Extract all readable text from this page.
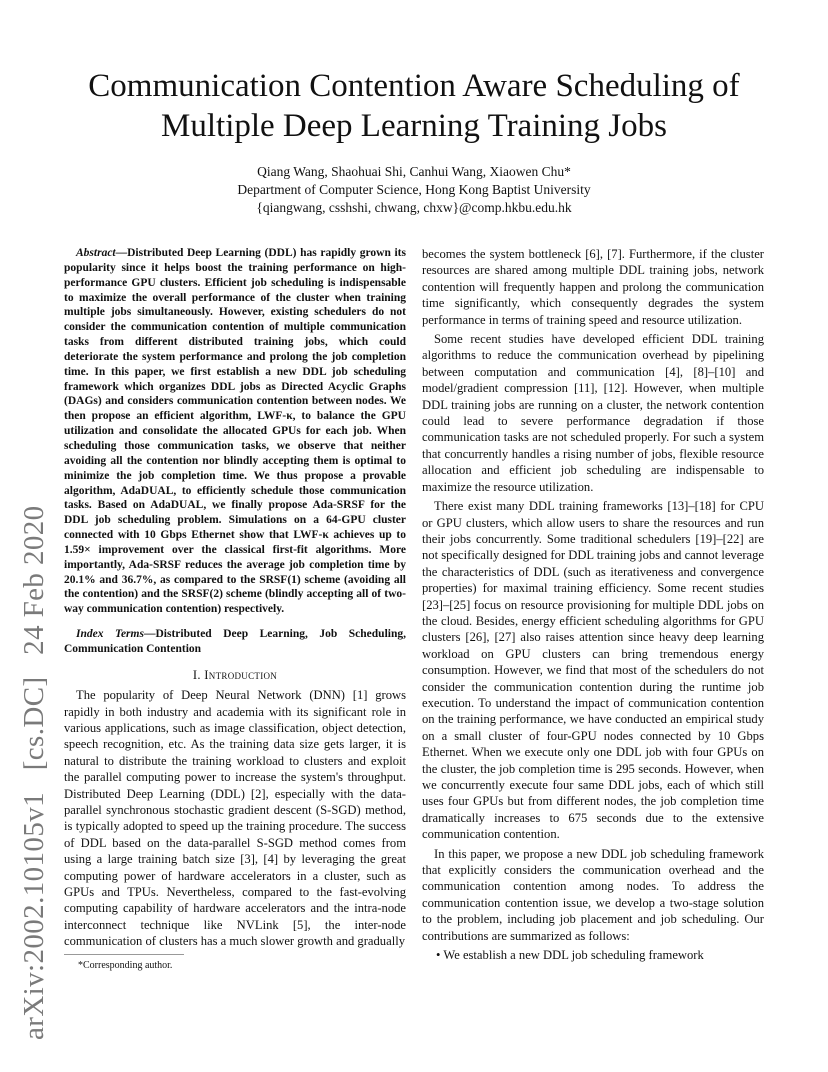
arXiv:2002.10105v1 [cs.DC] 24 Feb 2020
Communication Contention Aware Scheduling of
Multiple Deep Learning Training Jobs
Qiang Wang, Shaohuai Shi, Canhui Wang, Xiaowen Chu*
Department of Computer Science, Hong Kong Baptist University
{qiangwang, csshshi, chwang, chxw}@comp.hkbu.edu.hk

Abstract—Distributed Deep Learning (DDL) has rapidly grown its popularity since it helps boost the training performance on high-performance GPU clusters. Efficient job scheduling is indispensable to maximize the overall performance of the cluster when training multiple jobs simultaneously. However, existing schedulers do not consider the communication contention of multiple communication tasks from different distributed training jobs, which could deteriorate the system performance and prolong the job completion time. In this paper, we first establish a new DDL job scheduling framework which organizes DDL jobs as Directed Acyclic Graphs (DAGs) and considers communication contention between nodes. We then propose an efficient algorithm, LWF-κ, to balance the GPU utilization and consolidate the allocated GPUs for each job. When scheduling those communication tasks, we observe that neither avoiding all the contention nor blindly accepting them is optimal to minimize the job completion time. We thus propose a provable algorithm, AdaDUAL, to efficiently schedule those communication tasks. Based on AdaDUAL, we finally propose Ada-SRSF for the DDL job scheduling problem. Simulations on a 64-GPU cluster connected with 10 Gbps Ethernet show that LWF-κ achieves up to 1.59× improvement over the classical first-fit algorithms. More importantly, Ada-SRSF reduces the average job completion time by 20.1% and 36.7%, as compared to the SRSF(1) scheme (avoiding all the contention) and the SRSF(2) scheme (blindly accepting all of two-way communication contention) respectively.

Index Terms—Distributed Deep Learning, Job Scheduling, Communication Contention

I. Introduction

The popularity of Deep Neural Network (DNN) [1] grows rapidly in both industry and academia with its significant role in various applications, such as image classification, object detection, speech recognition, etc. As the training data size gets larger, it is natural to distribute the training workload to clusters and exploit the parallel computing power to increase the system's throughput. Distributed Deep Learning (DDL) [2], especially with the data-parallel synchronous stochastic gradient descent (S-SGD) method, is typically adopted to speed up the training procedure. The success of DDL based on the data-parallel S-SGD method comes from using a large training batch size [3], [4] by leveraging the great computing power of hardware accelerators in a cluster, such as GPUs and TPUs. Nevertheless, compared to the fast-evolving computing capability of hardware accelerators and the intra-node interconnect technique like NVLink [5], the inter-node communication of clusters has a much slower growth and gradually

*Corresponding author.

becomes the system bottleneck [6], [7]. Furthermore, if the cluster resources are shared among multiple DDL training jobs, network contention will frequently happen and prolong the communication time significantly, which consequently degrades the system performance in terms of training speed and resource utilization.

Some recent studies have developed efficient DDL training algorithms to reduce the communication overhead by pipelining between computation and communication [4], [8]–[10] and model/gradient compression [11], [12]. However, when multiple DDL training jobs are running on a cluster, the network contention could lead to severe performance degradation if those communication tasks are not scheduled properly. For such a system that concurrently handles a rising number of jobs, flexible resource allocation and efficient job scheduling are indispensable to maximize the resource utilization.

There exist many DDL training frameworks [13]–[18] for CPU or GPU clusters, which allow users to share the resources and run their jobs concurrently. Some traditional schedulers [19]–[22] are not specifically designed for DDL training jobs and cannot leverage the characteristics of DDL (such as iterativeness and convergence properties) for maximal training efficiency. Some recent studies [23]–[25] focus on resource provisioning for multiple DDL jobs on the cloud. Besides, energy efficient scheduling algorithms for GPU clusters [26], [27] also raises attention since heavy deep learning workload on GPU clusters can bring tremendous energy consumption. However, we find that most of the schedulers do not consider the communication contention during the runtime job execution. To understand the impact of communication contention on the training performance, we have conducted an empirical study on a small cluster of four-GPU nodes connected by 10 Gbps Ethernet. When we execute only one DDL job with four GPUs on the cluster, the job completion time is 295 seconds. However, when we concurrently execute four same DDL jobs, each of which still uses four GPUs but from different nodes, the job completion time dramatically increases to 675 seconds due to the extensive communication contention.

In this paper, we propose a new DDL job scheduling framework that explicitly considers the communication overhead and the communication contention among nodes. To address the communication contention issue, we develop a two-stage solution to the problem, including job placement and job scheduling. Our contributions are summarized as follows:

• We establish a new DDL job scheduling framework
